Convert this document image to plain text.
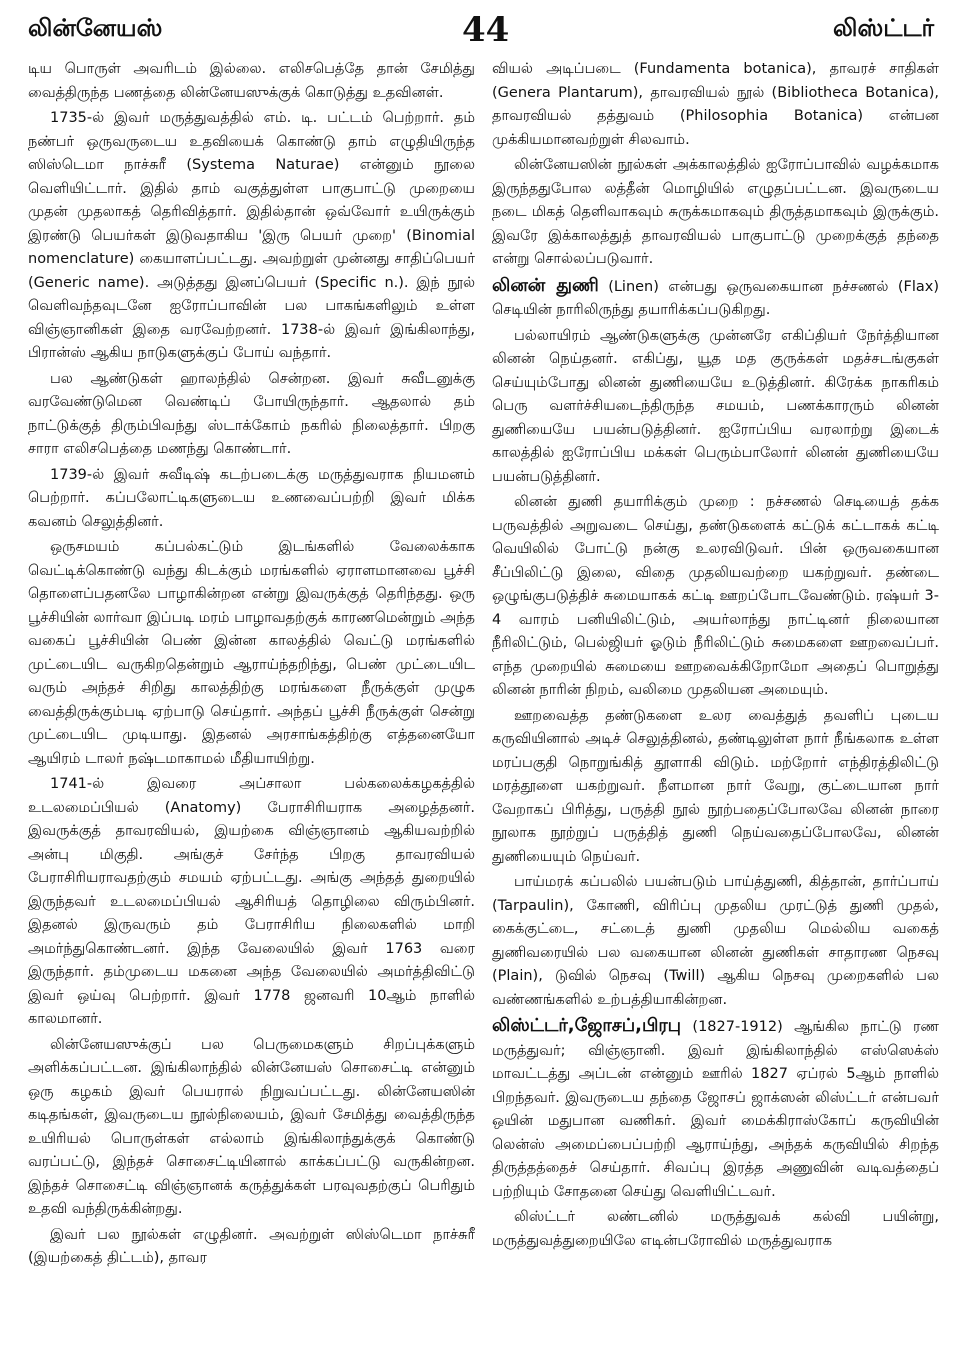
லின்னேயஸ்	44	லிஸ்ட்டர்

டிய பொருள் அவரிடம் இல்லை. எலிசபெத்தே தான் சேமித்து வைத்திருந்த பணத்தை லின்னேயஸுக்குக் கொடுத்து உதவினள்.

1735-ல் இவர் மருத்துவத்தில் எம். டி. பட்டம் பெற்றார். தம் நண்பர் ஒருவருடைய உதவியைக் கொண்டு தாம் எழுதியிருந்த ஸிஸ்டெமா நாச்சுரீ (Systema Naturae) என்னும் நூலை வெளியிட்டார். இதில் தாம் வகுத்துள்ள பாகுபாட்டு முறையை முதன் முதலாகத் தெரிவித்தார். இதில்தான் ஒவ்வோர் உயிருக்கும் இரண்டு பெயர்கள் இடுவதாகிய 'இரு பெயர் முறை' (Binomial nomenclature) கையாளப்பட்டது. அவற்றுள் முன்னது சாதிப்பெயர் (Generic name). அடுத்தது இனப்பெயர் (Specific n.). இந் நூல் வெளிவந்தவுடனே ஐரோப்பாவின் பல பாகங்களிலும் உள்ள விஞ்ஞானிகள் இதை வரவேற்றனர். 1738-ல் இவர் இங்கிலாந்து, பிரான்ஸ் ஆகிய நாடுகளுக்குப் போய் வந்தார்.

பல ஆண்டுகள் ஹாலந்தில் சென்றன. இவர் சுவீடனுக்கு வரவேண்டுமென வெண்டிப் போயிருந்தார். ஆதலால் தம் நாட்டுக்குத் திரும்பிவந்து ஸ்டாக்கோம் நகரில் நிலைத்தார். பிறகு சாரா எலிசபெத்தை மணந்து கொண்டார்.

1739-ல் இவர் சுவீடிஷ் கடற்படைக்கு மருத்துவராக நியமனம் பெற்றார். கப்பலோட்டிகளுடைய உணவைப்பற்றி இவர் மிக்க கவனம் செலுத்தினர்.

ஒருசமயம் கப்பல்கட்டும் இடங்களில் வேலைக்காக வெட்டிக்கொண்டு வந்து கிடக்கும் மரங்களில் ஏராளமானவை பூச்சி தொளைப்பதனலே பாழாகின்றன என்று இவருக்குத் தெரிந்தது. ஒரு பூச்சியின் லார்வா இப்படி மரம் பாழாவதற்குக் காரணமென்றும் அந்த வகைப் பூச்சியின் பெண் இன்ன காலத்தில் வெட்டு மரங்களில் முட்டையிட வருகிறதென்றும் ஆராய்ந்தறிந்து, பெண் முட்டையிட வரும் அந்தச் சிறிது காலத்திற்கு மரங்களை நீருக்குள் முழுக வைத்திருக்கும்படி ஏற்பாடு செய்தார். அந்தப் பூச்சி நீருக்குள் சென்று முட்டையிட முடியாது. இதனல் அரசாங்கத்திற்கு எத்தனையோ ஆயிரம் டாலர் நஷ்டமாகாமல் மீதியாயிற்று.

1741-ல் இவரை அப்சாலா பல்கலைக்கழகத்தில் உடலமைப்பியல் (Anatomy) பேராசிரியராக அழைத்தனர். இவருக்குத் தாவரவியல், இயற்கை விஞ்ஞானம் ஆகியவற்றில் அன்பு மிகுதி. அங்குச் சேர்ந்த பிறகு தாவரவியல் பேராசிரியராவதற்கும் சமயம் ஏற்பட்டது. அங்கு அந்தத் துறையில் இருந்தவர் உடலமைப்பியல் ஆசிரியத் தொழிலை விரும்பினர். இதனல் இருவரும் தம் பேராசிரிய நிலைகளில் மாறி அமர்ந்துகொண்டனர். இந்த வேலையில் இவர் 1763 வரை இருந்தார். தம்முடைய மகனை அந்த வேலையில் அமர்த்திவிட்டு இவர் ஒய்வு பெற்றார். இவர் 1778 ஜனவரி 10ஆம் நாளில் காலமானர்.

லின்னேயஸுக்குப் பல பெருமைகளும் சிறப்புக்களும் அளிக்கப்பட்டன. இங்கிலாந்தில் லின்னேயஸ் சொசைட்டி என்னும் ஒரு கழகம் இவர் பெயரால் நிறுவப்பட்டது. லின்னேயஸின் கடிதங்கள், இவருடைய நூல்நிலையம், இவர் சேமித்து வைத்திருந்த உயிரியல் பொருள்கள் எல்லாம் இங்கிலாந்துக்குக் கொண்டு வரப்பட்டு, இந்தச் சொசைட்டியினால் காக்கப்பட்டு வருகின்றன. இந்தச் சொசைட்டி விஞ்ஞானக் கருத்துக்கள் பரவுவதற்குப் பெரிதும் உதவி வந்திருக்கின்றது.

இவர் பல நூல்கள் எழுதினர். அவற்றுள் ஸிஸ்டெமா நாச்சுரீ (இயற்கைத் திட்டம்), தாவர

வியல் அடிப்படை (Fundamenta botanica), தாவரச் சாதிகள் (Genera Plantarum), தாவரவியல் நூல் (Bibliotheca Botanica), தாவரவியல் தத்துவம் (Philosophia Botanica) என்பன முக்கியமானவற்றுள் சிலவாம்.

லின்னேயஸின் நூல்கள் அக்காலத்தில் ஐரோப்பாவில் வழக்கமாக இருந்ததுபோல லத்தீன் மொழியில் எழுதப்பட்டன. இவருடைய நடை மிகத் தெளிவாகவும் சுருக்கமாகவும் திருத்தமாகவும் இருக்கும். இவரே இக்காலத்துத் தாவரவியல் பாகுபாட்டு முறைக்குத் தந்தை என்று சொல்லப்படுவார்.

லினன் துணி (Linen) என்பது ஒருவகையான நச்சணல் (Flax) செடியின் நாரிலிருந்து தயாரிக்கப்படுகிறது.

பல்லாயிரம் ஆண்டுகளுக்கு முன்னரே எகிப்தியர் நேர்த்தியான லினன் நெய்தனர். எகிப்து, யூத மத குருக்கள் மதச்சடங்குகள் செய்யும்போது லினன் துணியையே உடுத்தினர். கிரேக்க நாகரிகம் பெரு வளர்ச்சியடைந்திருந்த சமயம், பணக்காரரும் லினன் துணியையே பயன்படுத்தினர். ஐரோப்பிய வரலாற்று இடைக் காலத்தில் ஐரோப்பிய மக்கள் பெரும்பாலோர் லினன் துணியையே பயன்படுத்தினர்.

லினன் துணி தயாரிக்கும் முறை : நச்சணல் செடியைத் தக்க பருவத்தில் அறுவடை செய்து, தண்டுகளைக் கட்டுக் கட்டாகக் கட்டி வெயிலில் போட்டு நன்கு உலரவிடுவர். பின் ஒருவகையான சீப்பிலிட்டு இலை, விதை முதலியவற்றை யகற்றுவர். தண்டை ஒழுங்குபடுத்திச் சுமையாகக் கட்டி ஊறப்போடவேண்டும். ரஷ்யர் 3-4 வாரம் பனியிலிட்டும், அயர்லாந்து நாட்டினர் நிலையான நீரிலிட்டும், பெல்ஜியர் ஓடும் நீரிலிட்டும் சுமைகளை ஊறவைப்பர். எந்த முறையில் சுமையை ஊறவைக்கிறோமோ அதைப் பொறுத்து லினன் நாரின் நிறம், வலிமை முதலியன அமையும்.

ஊறவைத்த தண்டுகளை உலர வைத்துத் தவளிப் புடைய கருவியினால் அடிச் செலுத்தினல், தண்டிலுள்ள நார் நீங்கலாக உள்ள மரப்பகுதி நொறுங்கித் தூளாகி விடும். மற்றோர் எந்திரத்திலிட்டு மரத்தூளை யகற்றுவர். நீளமான நார் வேறு, குட்டையான நார் வேறாகப் பிரித்து, பருத்தி நூல் நூற்பதைப்போலவே லினன் நாரை நூலாக நூற்றுப் பருத்தித் துணி நெய்வதைப்போலவே, லினன் துணியையும் நெய்வர்.

பாய்மரக் கப்பலில் பயன்படும் பாய்த்துணி, கித்தான், தார்ப்பாய் (Tarpaulin), கோணி, விரிப்பு முதலிய முரட்டுத் துணி முதல், கைக்குட்டை, சட்டைத் துணி முதலிய மெல்லிய வகைத் துணிவரையில் பல வகையான லினன் துணிகள் சாதாரண நெசவு (Plain), டுவில் நெசவு (Twill) ஆகிய நெசவு முறைகளில் பல வண்ணங்களில் உற்பத்தியாகின்றன.

லிஸ்ட்டர்,ஜோசப்,பிரபு (1827-1912) ஆங்கில நாட்டு ரண மருத்துவர்; விஞ்ஞானி. இவர் இங்கிலாந்தில் எஸ்ஸெக்ஸ் மாவட்டத்து அப்டன் என்னும் ஊரில் 1827 ஏப்ரல் 5ஆம் நாளில் பிறந்தவர். இவருடைய தந்தை ஜோசப் ஜாக்ஸன் லிஸ்ட்டர் என்பவர் ஒயின் மதுபான வணிகர். இவர் மைக்கிராஸ்கோப் கருவியின் லென்ஸ் அமைப்பைப்பற்றி ஆராய்ந்து, அந்தக் கருவியில் சிறந்த திருத்தத்தைச் செய்தார். சிவப்பு இரத்த அணுவின் வடிவத்தைப் பற்றியும் சோதனை செய்து வெளியிட்டவர்.

லிஸ்ட்டர் லண்டனில் மருத்துவக் கல்வி பயின்று, மருத்துவத்துறையிலே எடின்பரோவில் மருத்துவராக
